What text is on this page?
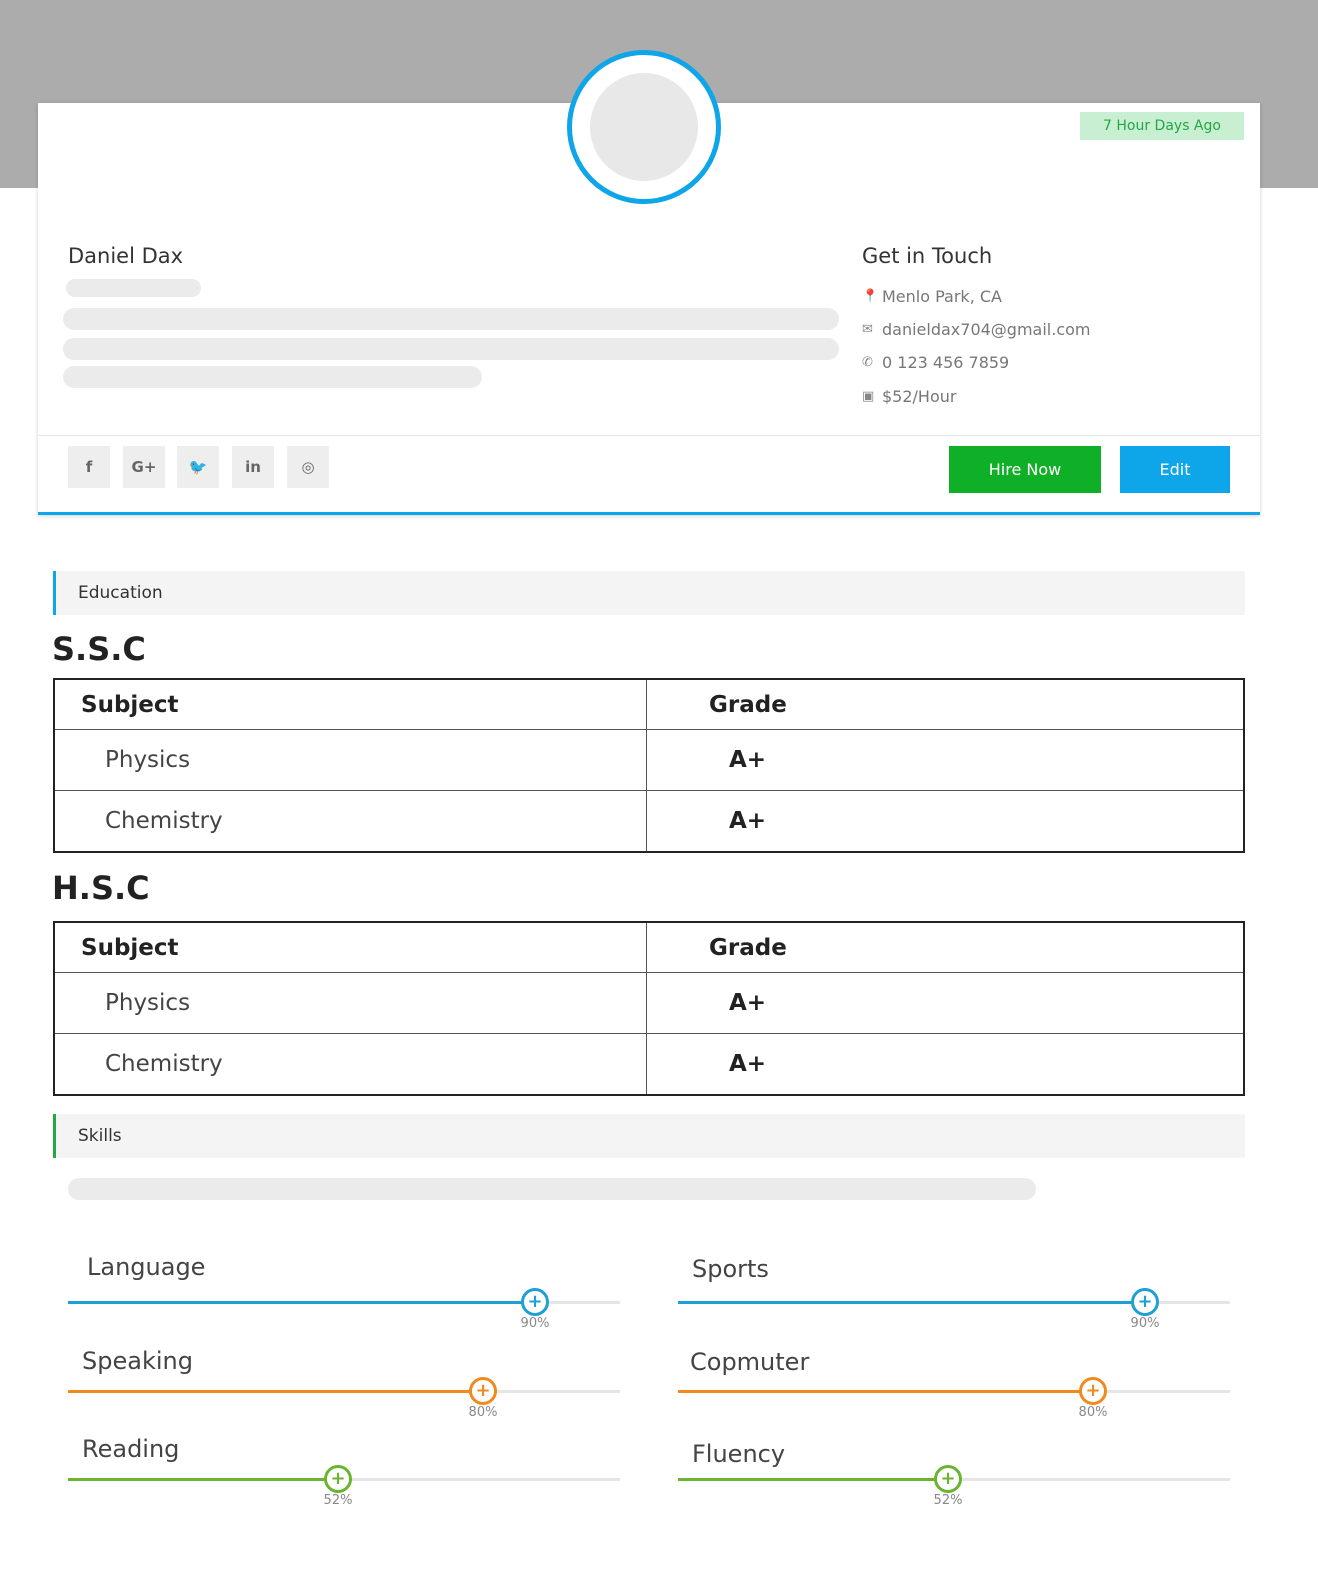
7 Hour Days Ago
Daniel Dax	Get in Touch
📍 Menlo Park, CA
✉ danieldax704@gmail.com
✆ 0 123 456 7859
▣ $52/Hour
f	G+	🐦	in	◎	Hire Now	Edit
Education
S.S.C
Subject	Grade
Physics	A+
Chemistry	A+
H.S.C
Subject	Grade
Physics	A+
Chemistry	A+
Skills
Language
+
90%
Sports
+
90%
Speaking
+
80%
Copmuter
+
80%
Reading
+
52%
Fluency
+
52%
